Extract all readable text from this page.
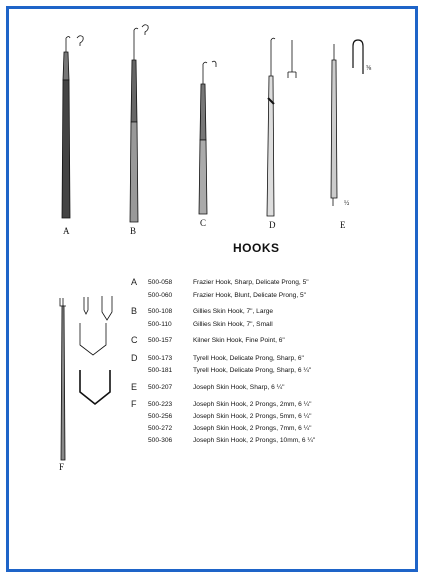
A	B
C	D	E
F
⅝
½
HOOKS
A 500-058	Frazier Hook, Sharp, Delicate Prong, 5"
500-060	Frazier Hook, Blunt, Delicate Prong, 5"
B 500-108	Gillies Skin Hook, 7", Large
500-110	Gillies Skin Hook, 7", Small
C 500-157	Kilner Skin Hook, Fine Point, 6"
D 500-173	Tyrell Hook, Delicate Prong, Sharp, 6"
500-181	Tyrell Hook, Delicate Prong, Sharp, 6 ¼"
E 500-207	Joseph Skin Hook, Sharp, 6 ¼"
F 500-223	Joseph Skin Hook, 2 Prongs, 2mm, 6 ¼"
500-256	Joseph Skin Hook, 2 Prongs, 5mm, 6 ¼"
500-272	Joseph Skin Hook, 2 Prongs, 7mm, 6 ¼"
500-306	Joseph Skin Hook, 2 Prongs, 10mm, 6 ¼"
